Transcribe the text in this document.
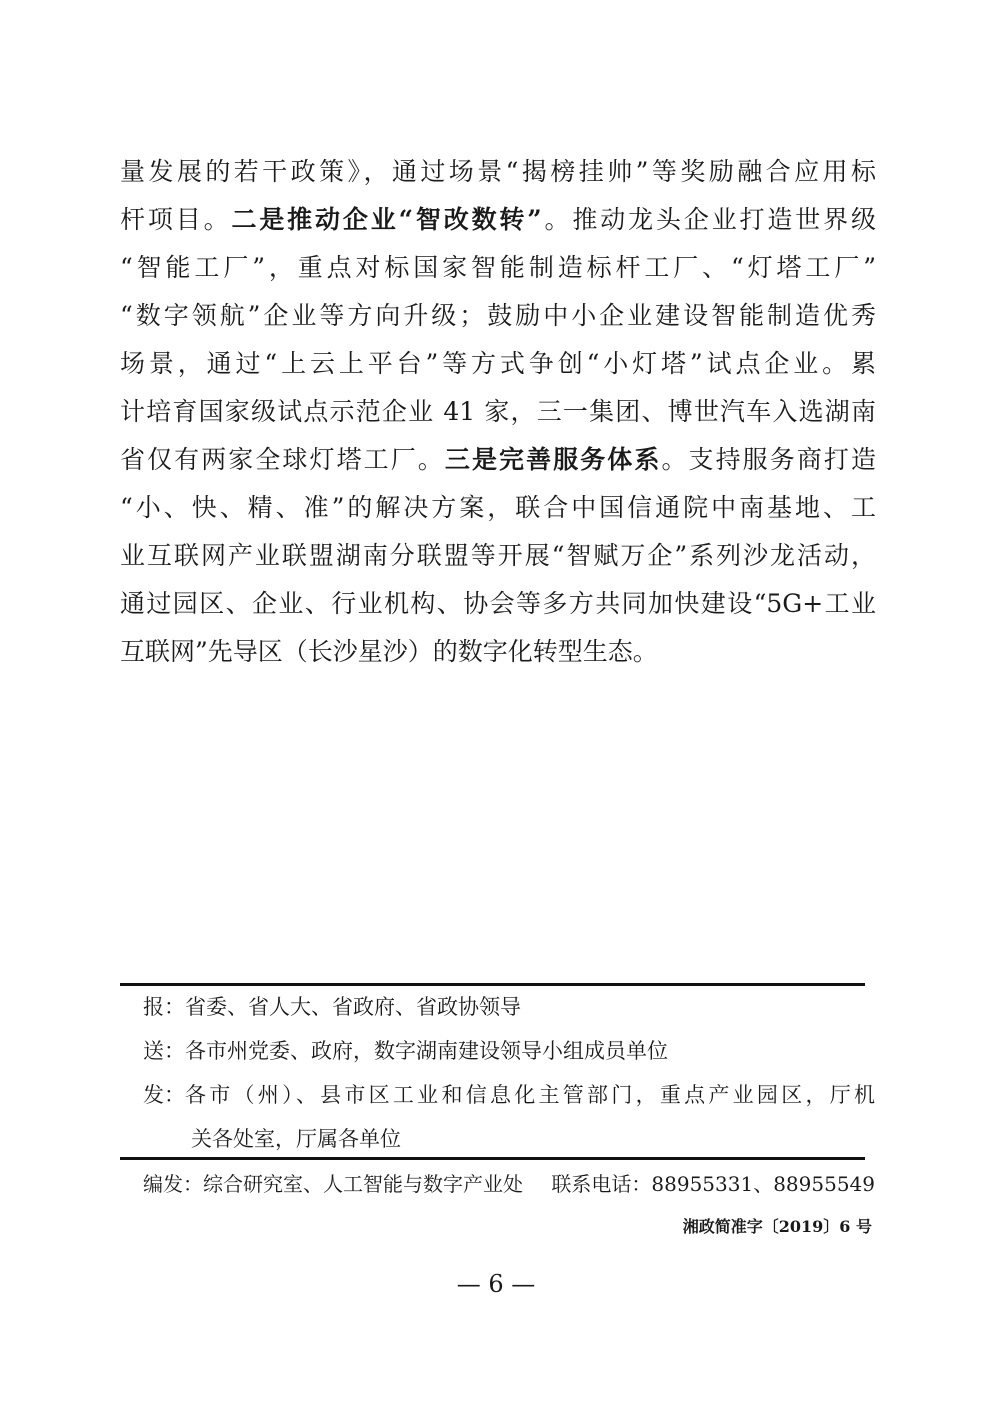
量发展的若干政策》，通过场景“揭榜挂帅”等奖励融合应用标
杆项目。二是推动企业“智改数转”。推动龙头企业打造世界级
“智能工厂”，重点对标国家智能制造标杆工厂、“灯塔工厂”
“数字领航”企业等方向升级；鼓励中小企业建设智能制造优秀
场景，通过“上云上平台”等方式争创“小灯塔”试点企业。累
计培育国家级试点示范企业 41 家，三一集团、博世汽车入选湖南
省仅有两家全球灯塔工厂。三是完善服务体系。支持服务商打造
“小、快、精、准”的解决方案，联合中国信通院中南基地、工
业互联网产业联盟湖南分联盟等开展“智赋万企”系列沙龙活动，
通过园区、企业、行业机构、协会等多方共同加快建设“5G+工业
互联网”先导区（长沙星沙）的数字化转型生态。
报： 省委、省人大、省政府、省政协领导
送： 各市州党委、政府，数字湖南建设领导小组成员单位
发： 各市（州）、县市区工业和信息化主管部门，重点产业园区，厅机
关各处室，厅属各单位
编发：综合研究室、人工智能与数字产业处 联系电话：88955331、88955549
湘政简准字〔2019〕6 号
— 6 —
